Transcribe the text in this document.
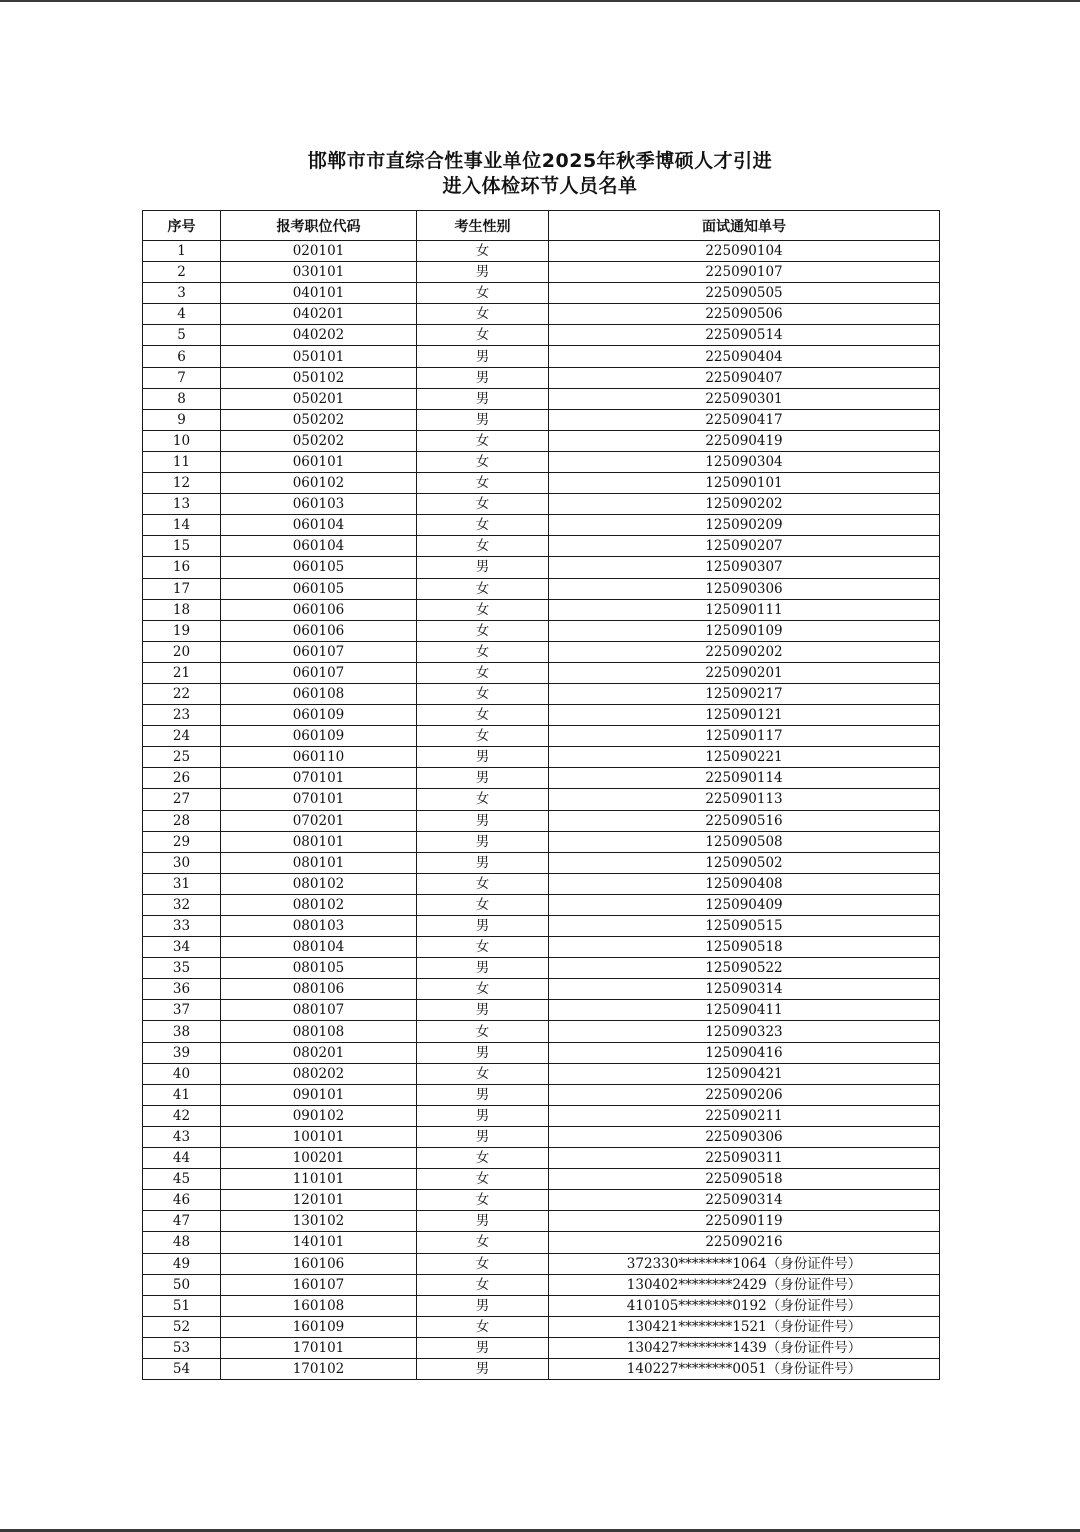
邯郸市市直综合性事业单位2025年秋季博硕人才引进
进入体检环节人员名单
序号	报考职位代码	考生性别	面试通知单号
1	020101	女	225090104
2	030101	男	225090107
3	040101	女	225090505
4	040201	女	225090506
5	040202	女	225090514
6	050101	男	225090404
7	050102	男	225090407
8	050201	男	225090301
9	050202	男	225090417
10	050202	女	225090419
11	060101	女	125090304
12	060102	女	125090101
13	060103	女	125090202
14	060104	女	125090209
15	060104	女	125090207
16	060105	男	125090307
17	060105	女	125090306
18	060106	女	125090111
19	060106	女	125090109
20	060107	女	225090202
21	060107	女	225090201
22	060108	女	125090217
23	060109	女	125090121
24	060109	女	125090117
25	060110	男	125090221
26	070101	男	225090114
27	070101	女	225090113
28	070201	男	225090516
29	080101	男	125090508
30	080101	男	125090502
31	080102	女	125090408
32	080102	女	125090409
33	080103	男	125090515
34	080104	女	125090518
35	080105	男	125090522
36	080106	女	125090314
37	080107	男	125090411
38	080108	女	125090323
39	080201	男	125090416
40	080202	女	125090421
41	090101	男	225090206
42	090102	男	225090211
43	100101	男	225090306
44	100201	女	225090311
45	110101	女	225090518
46	120101	女	225090314
47	130102	男	225090119
48	140101	女	225090216
49	160106	女	372330********1064（身份证件号）
50	160107	女	130402********2429（身份证件号）
51	160108	男	410105********0192（身份证件号）
52	160109	女	130421********1521（身份证件号）
53	170101	男	130427********1439（身份证件号）
54	170102	男	140227********0051（身份证件号）
